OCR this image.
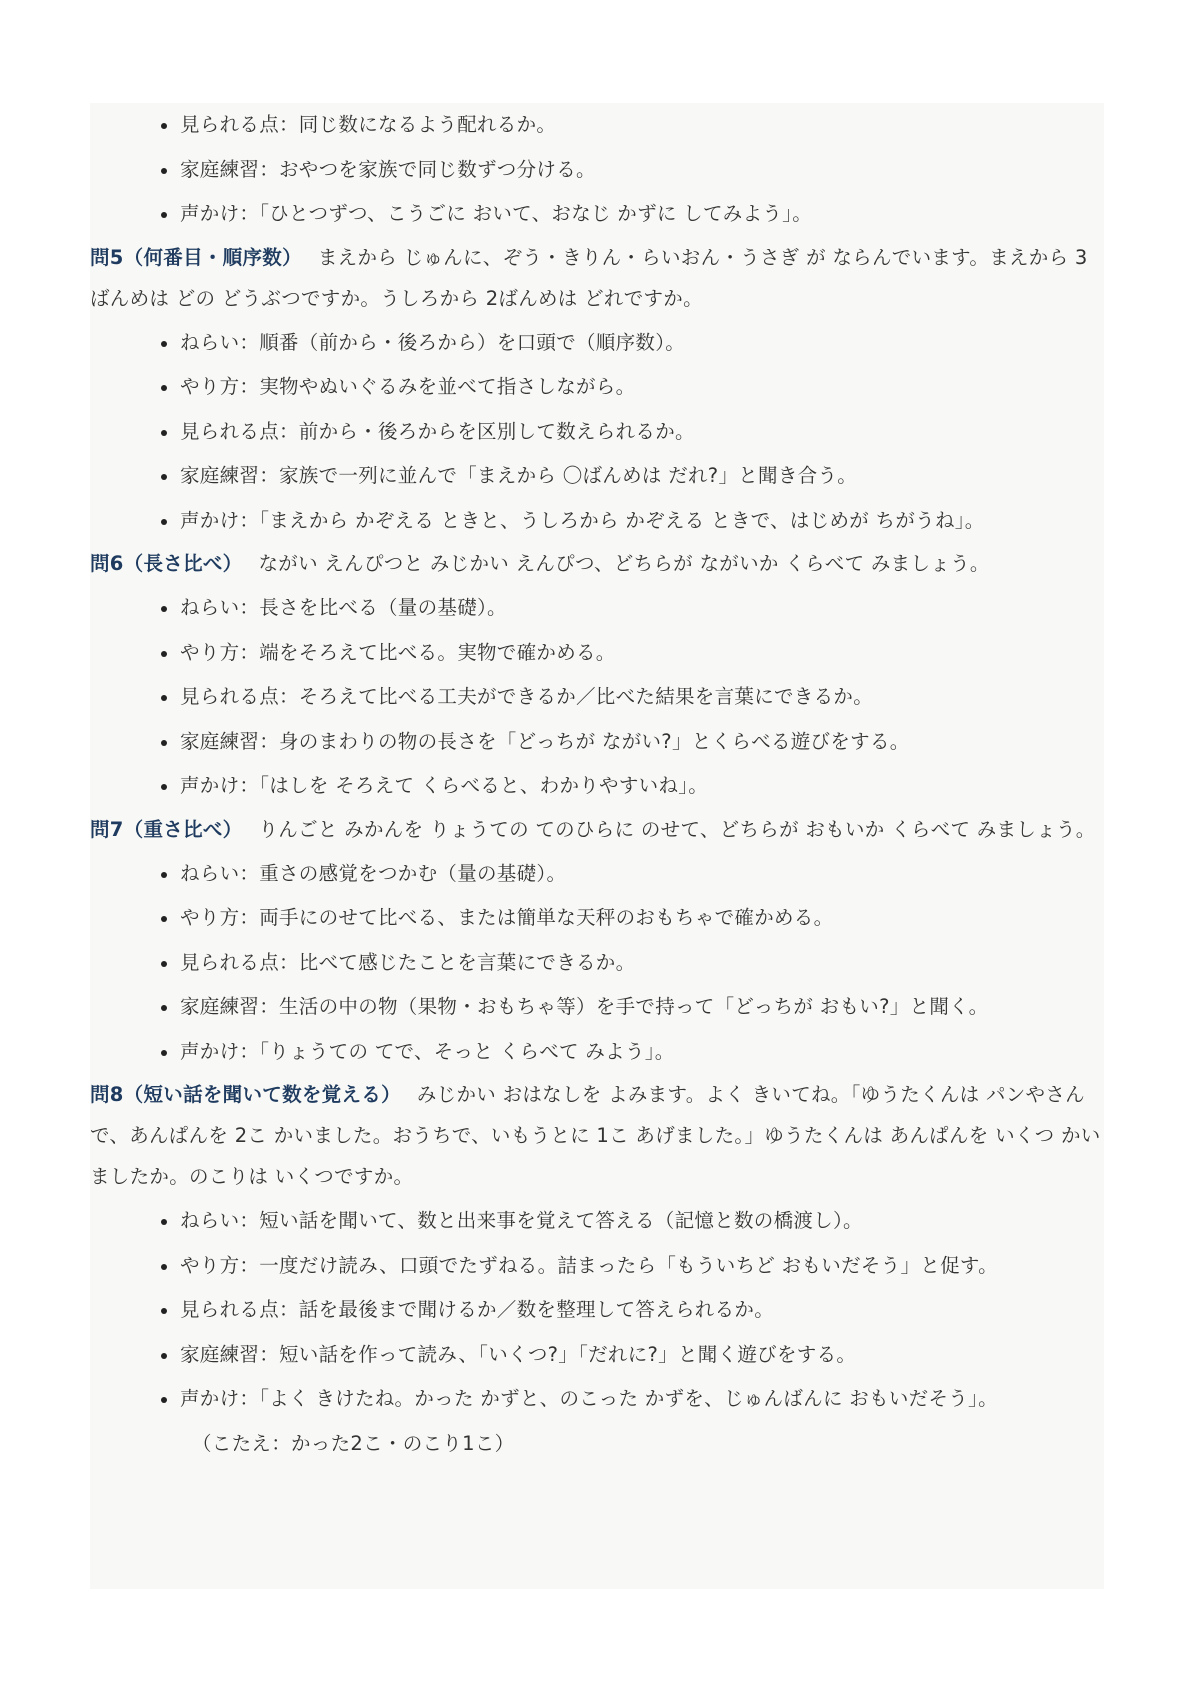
見られる点：同じ数になるよう配れるか。
家庭練習：おやつを家族で同じ数ずつ分ける。
声かけ：「ひとつずつ、こうごに おいて、おなじ かずに してみよう」。

問5（何番目・順序数） まえから じゅんに、ぞう・きりん・らいおん・うさぎ が ならんでいます。まえから 3ばんめは どの どうぶつですか。うしろから 2ばんめは どれですか。

ねらい：順番（前から・後ろから）を口頭で（順序数）。
やり方：実物やぬいぐるみを並べて指さしながら。
見られる点：前から・後ろからを区別して数えられるか。
家庭練習：家族で一列に並んで「まえから 〇ばんめは だれ?」と聞き合う。
声かけ：「まえから かぞえる ときと、うしろから かぞえる ときで、はじめが ちがうね」。

問6（長さ比べ） ながい えんぴつと みじかい えんぴつ、どちらが ながいか くらべて みましょう。

ねらい：長さを比べる（量の基礎）。
やり方：端をそろえて比べる。実物で確かめる。
見られる点：そろえて比べる工夫ができるか／比べた結果を言葉にできるか。
家庭練習：身のまわりの物の長さを「どっちが ながい?」とくらべる遊びをする。
声かけ：「はしを そろえて くらべると、わかりやすいね」。

問7（重さ比べ） りんごと みかんを りょうての てのひらに のせて、どちらが おもいか くらべて みましょう。

ねらい：重さの感覚をつかむ（量の基礎）。
やり方：両手にのせて比べる、または簡単な天秤のおもちゃで確かめる。
見られる点：比べて感じたことを言葉にできるか。
家庭練習：生活の中の物（果物・おもちゃ等）を手で持って「どっちが おもい?」と聞く。
声かけ：「りょうての てで、そっと くらべて みよう」。

問8（短い話を聞いて数を覚える） みじかい おはなしを よみます。よく きいてね。「ゆうたくんは パンやさんで、あんぱんを 2こ かいました。おうちで、いもうとに 1こ あげました。」ゆうたくんは あんぱんを いくつ かいましたか。のこりは いくつですか。

ねらい：短い話を聞いて、数と出来事を覚えて答える（記憶と数の橋渡し）。
やり方：一度だけ読み、口頭でたずねる。詰まったら「もういちど おもいだそう」と促す。
見られる点：話を最後まで聞けるか／数を整理して答えられるか。
家庭練習：短い話を作って読み、「いくつ?」「だれに?」と聞く遊びをする。
声かけ：「よく きけたね。かった かずと、のこった かずを、じゅんばんに おもいだそう」。
（こたえ：かった2こ・のこり1こ）
